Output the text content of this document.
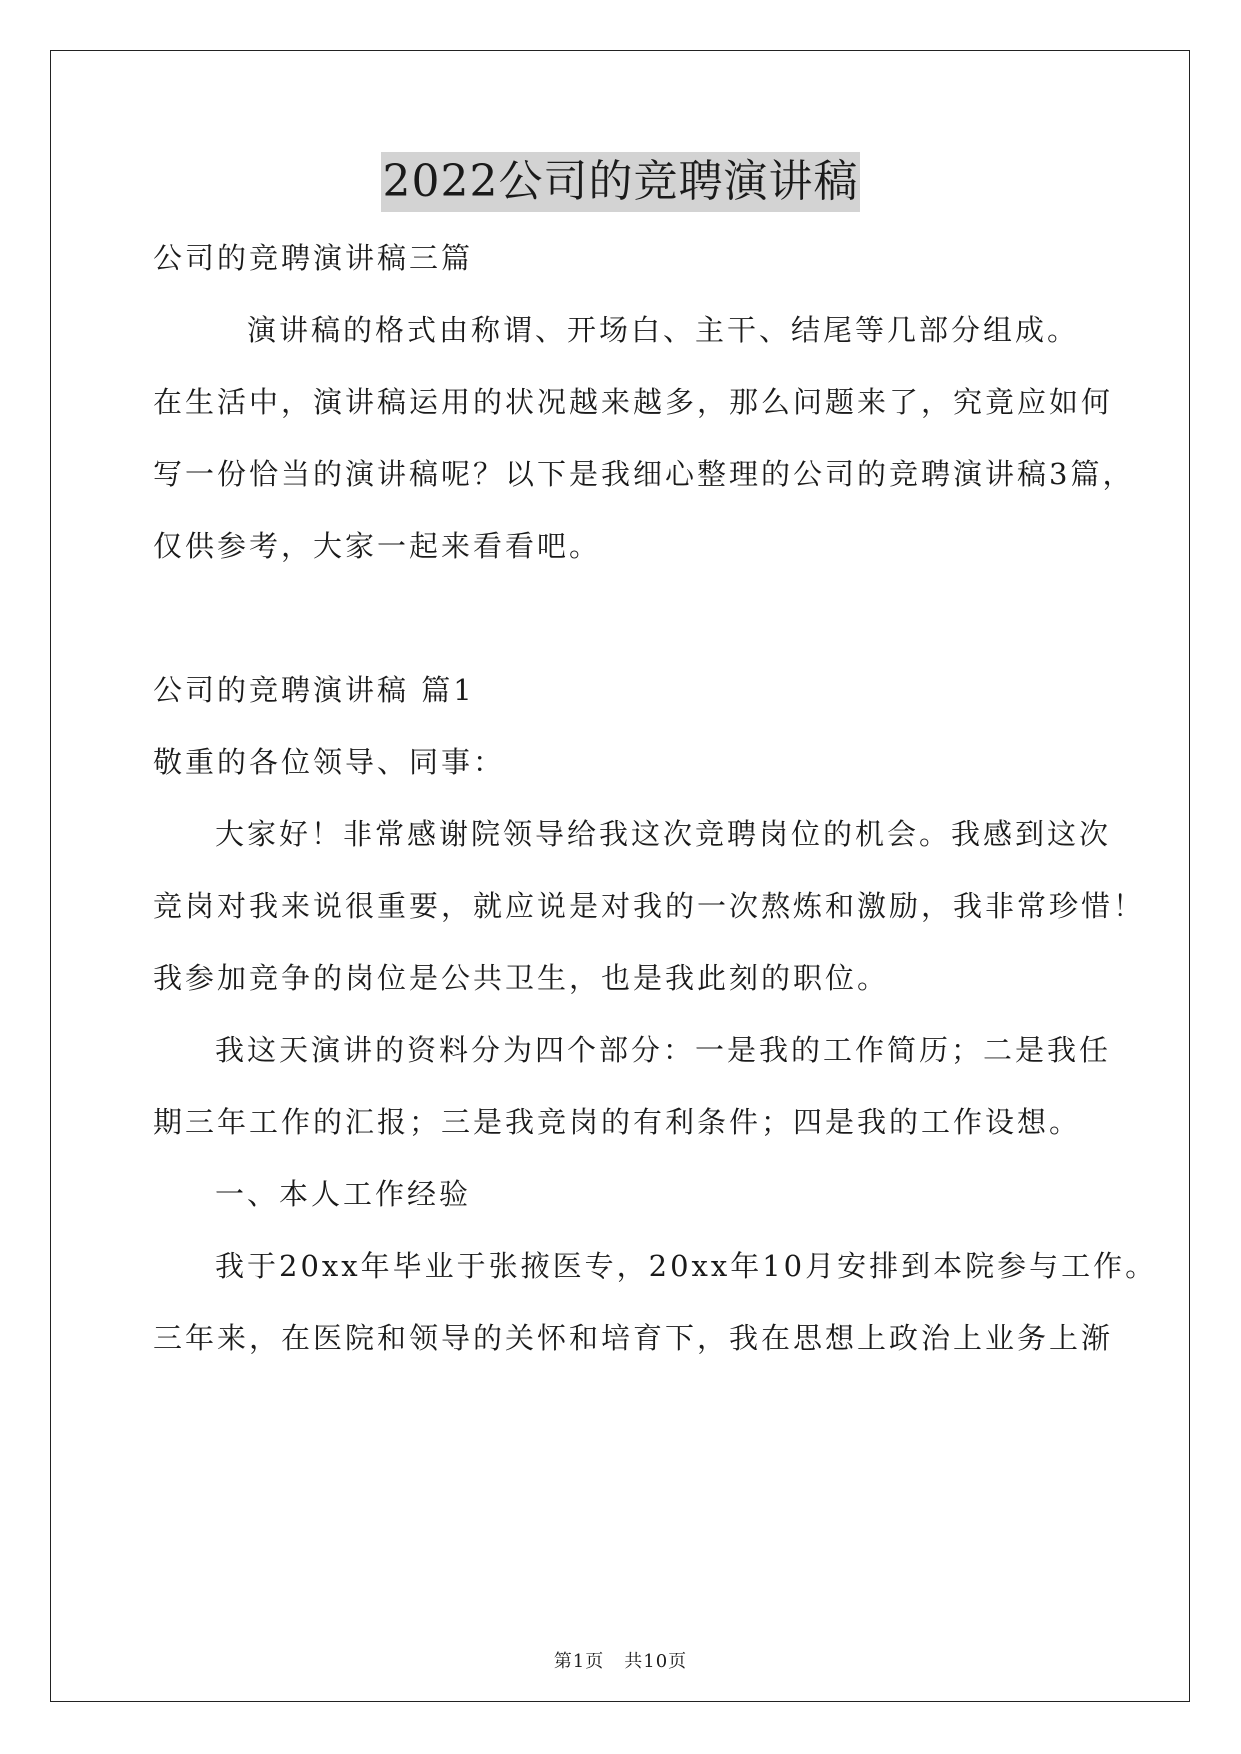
2022公司的竞聘演讲稿
公司的竞聘演讲稿三篇
演讲稿的格式由称谓、开场白、主干、结尾等几部分组成。
在生活中，演讲稿运用的状况越来越多，那么问题来了，究竟应如何
写一份恰当的演讲稿呢？以下是我细心整理的公司的竞聘演讲稿3篇，
仅供参考，大家一起来看看吧。
公司的竞聘演讲稿 篇1
敬重的各位领导、同事：
大家好！非常感谢院领导给我这次竞聘岗位的机会。我感到这次
竞岗对我来说很重要，就应说是对我的一次熬炼和激励，我非常珍惜！
我参加竞争的岗位是公共卫生，也是我此刻的职位。
我这天演讲的资料分为四个部分：一是我的工作简历；二是我任
期三年工作的汇报；三是我竞岗的有利条件；四是我的工作设想。
一、本人工作经验
我于20xx年毕业于张掖医专，20xx年10月安排到本院参与工作。
三年来，在医院和领导的关怀和培育下，我在思想上政治上业务上渐
第1页 共10页
